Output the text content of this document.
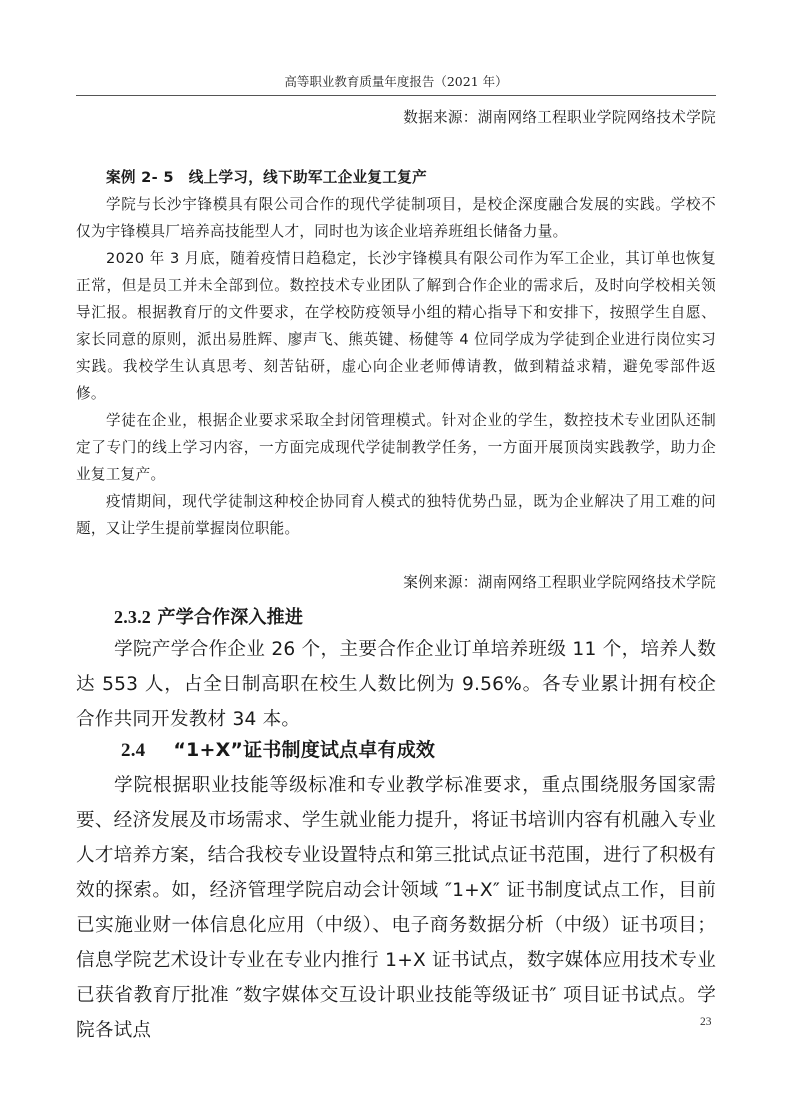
高等职业教育质量年度报告（2021 年）
数据来源：湖南网络工程职业学院网络技术学院
案例 2- 5　线上学习，线下助军工企业复工复产

学院与长沙宇锋模具有限公司合作的现代学徒制项目，是校企深度融合发展的实践。学校不仅为宇锋模具厂培养高技能型人才，同时也为该企业培养班组长储备力量。

2020 年 3 月底，随着疫情日趋稳定，长沙宇锋模具有限公司作为军工企业，其订单也恢复正常，但是员工并未全部到位。数控技术专业团队了解到合作企业的需求后，及时向学校相关领导汇报。根据教育厅的文件要求，在学校防疫领导小组的精心指导下和安排下，按照学生自愿、家长同意的原则，派出易胜辉、廖声飞、熊英键、杨健等 4 位同学成为学徒到企业进行岗位实习实践。我校学生认真思考、刻苦钻研，虚心向企业老师傅请教，做到精益求精，避免零部件返修。

学徒在企业，根据企业要求采取全封闭管理模式。针对企业的学生，数控技术专业团队还制定了专门的线上学习内容，一方面完成现代学徒制教学任务，一方面开展顶岗实践教学，助力企业复工复产。

疫情期间，现代学徒制这种校企协同育人模式的独特优势凸显，既为企业解决了用工难的问题，又让学生提前掌握岗位职能。

案例来源：湖南网络工程职业学院网络技术学院
2.3.2 产学合作深入推进

学院产学合作企业 26 个，主要合作企业订单培养班级 11 个，培养人数达 553 人，占全日制高职在校生人数比例为 9.56%。各专业累计拥有校企合作共同开发教材 34 本。

2.4 “1+X”证书制度试点卓有成效

学院根据职业技能等级标准和专业教学标准要求，重点围绕服务国家需要、经济发展及市场需求、学生就业能力提升，将证书培训内容有机融入专业人才培养方案，结合我校专业设置特点和第三批试点证书范围，进行了积极有效的探索。如，经济管理学院启动会计领域 ″1+X″ 证书制度试点工作，目前已实施业财一体信息化应用（中级）、电子商务数据分析（中级）证书项目；信息学院艺术设计专业在专业内推行 1+X 证书试点，数字媒体应用技术专业已获省教育厅批准 ″数字媒体交互设计职业技能等级证书″ 项目证书试点。学院各试点	23
